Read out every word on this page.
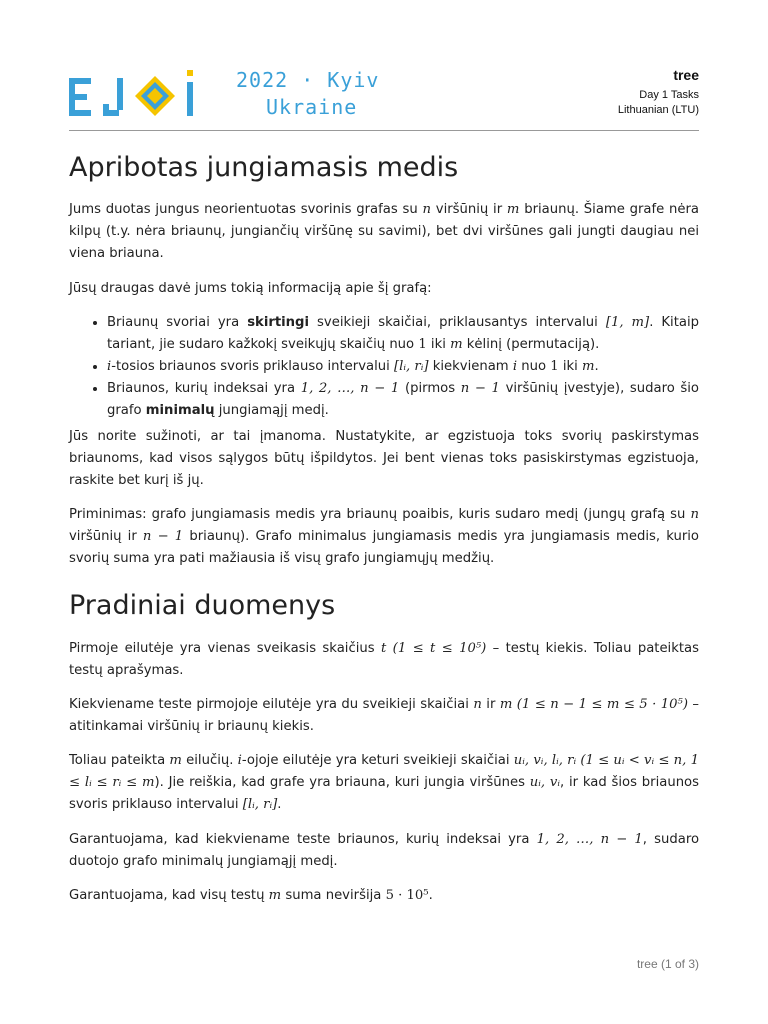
2022 · Kyiv
Ukraine
tree
Day 1 Tasks
Lithuanian (LTU)
Apribotas jungiamasis medis

Jums duotas jungus neorientuotas svorinis grafas su n viršūnių ir m briaunų. Šiame grafe nėra kilpų (t.y. nėra briaunų, jungiančių viršūnę su savimi), bet dvi viršūnes gali jungti daugiau nei viena briauna.

Jūsų draugas davė jums tokią informaciją apie šį grafą:

• Briaunų svoriai yra skirtingi sveikieji skaičiai, priklausantys intervalui [1, m]. Kitaip tariant, jie sudaro kažkokį sveikųjų skaičių nuo 1 iki m kėlinį (permutaciją).
• i-tosios briaunos svoris priklauso intervalui [lᵢ, rᵢ] kiekvienam i nuo 1 iki m.
• Briaunos, kurių indeksai yra 1, 2, …, n − 1 (pirmos n − 1 viršūnių įvestyje), sudaro šio grafo minimalų jungiamąjį medį.

Jūs norite sužinoti, ar tai įmanoma. Nustatykite, ar egzistuoja toks svorių paskirstymas briaunoms, kad visos sąlygos būtų išpildytos. Jei bent vienas toks pasiskirstymas egzistuoja, raskite bet kurį iš jų.

Priminimas: grafo jungiamasis medis yra briaunų poaibis, kuris sudaro medį (jungų grafą su n viršūnių ir n − 1 briaunų). Grafo minimalus jungiamasis medis yra jungiamasis medis, kurio svorių suma yra pati mažiausia iš visų grafo jungiamųjų medžių.

Pradiniai duomenys

Pirmoje eilutėje yra vienas sveikasis skaičius t (1 ≤ t ≤ 10⁵) – testų kiekis. Toliau pateiktas testų aprašymas.

Kiekviename teste pirmojoje eilutėje yra du sveikieji skaičiai n ir m (1 ≤ n − 1 ≤ m ≤ 5 · 10⁵) – atitinkamai viršūnių ir briaunų kiekis.

Toliau pateikta m eilučių. i-ojoje eilutėje yra keturi sveikieji skaičiai uᵢ, vᵢ, lᵢ, rᵢ (1 ≤ uᵢ < vᵢ ≤ n, 1 ≤ lᵢ ≤ rᵢ ≤ m). Jie reiškia, kad grafe yra briauna, kuri jungia viršūnes uᵢ, vᵢ, ir kad šios briaunos svoris priklauso intervalui [lᵢ, rᵢ].

Garantuojama, kad kiekviename teste briaunos, kurių indeksai yra 1, 2, …, n − 1, sudaro duotojo grafo minimalų jungiamąjį medį.

Garantuojama, kad visų testų m suma neviršija 5 · 10⁵.

tree (1 of 3)
